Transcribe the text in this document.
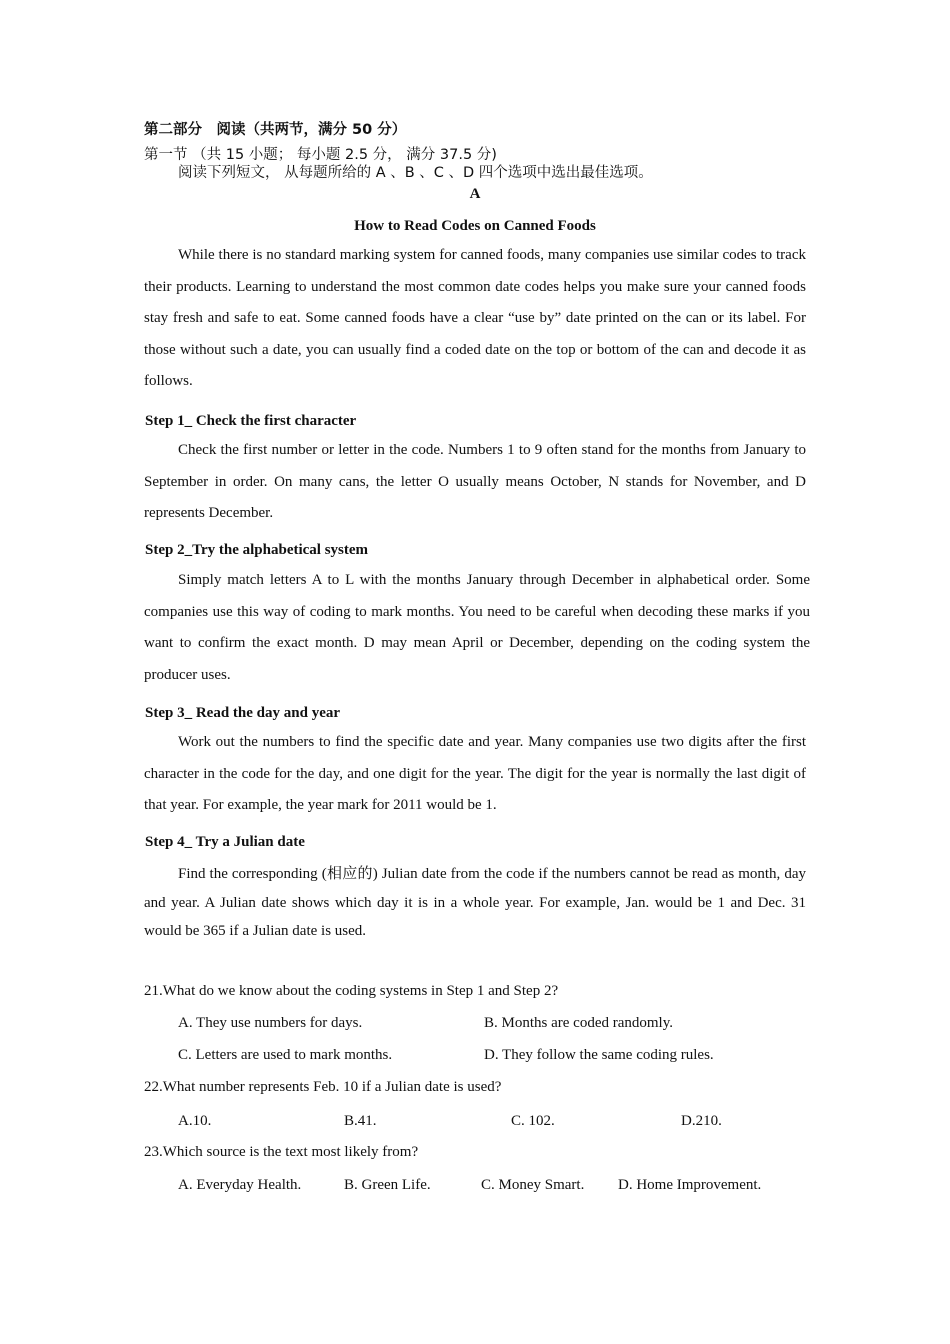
第二部分　阅读（共两节，满分 50 分）
第一节 （共 15 小题； 每小题 2.5 分， 满分 37.5 分)
阅读下列短文， 从每题所给的 A 、B 、C 、D 四个选项中选出最佳选项。
A
How to Read Codes on Canned Foods

While there is no standard marking system for canned foods, many companies use similar codes to track their products. Learning to understand the most common date codes helps you make sure your canned foods stay fresh and safe to eat. Some canned foods have a clear “use by” date printed on the can or its label. For those without such a date, you can usually find a coded date on the top or bottom of the can and decode it as follows.

Step 1_ Check the first character

Check the first number or letter in the code. Numbers 1 to 9 often stand for the months from January to September in order. On many cans, the letter O usually means October, N stands for November, and D represents December.

Step 2_Try the alphabetical system

Simply match letters A to L with the months January through December in alphabetical order. Some companies use this way of coding to mark months. You need to be careful when decoding these marks if you want to confirm the exact month. D may mean April or December, depending on the coding system the producer uses.

Step 3_ Read the day and year

Work out the numbers to find the specific date and year. Many companies use two digits after the first character in the code for the day, and one digit for the year. The digit for the year is normally the last digit of that year. For example, the year mark for 2011 would be 1.

Step 4_ Try a Julian date

Find the corresponding (相应的) Julian date from the code if the numbers cannot be read as month, day and year. A Julian date shows which day it is in a whole year. For example, Jan. would be 1 and Dec. 31 would be 365 if a Julian date is used.

21.What do we know about the coding systems in Step 1 and Step 2?
A. They use numbers for days.	B. Months are coded randomly.
C. Letters are used to mark months.	D. They follow the same coding rules.
22.What number represents Feb. 10 if a Julian date is used?
A.10.	B.41.	C. 102.	D.210.
23.Which source is the text most likely from?
A. Everyday Health.	B. Green Life.	C. Money Smart. D. Home Improvement.
